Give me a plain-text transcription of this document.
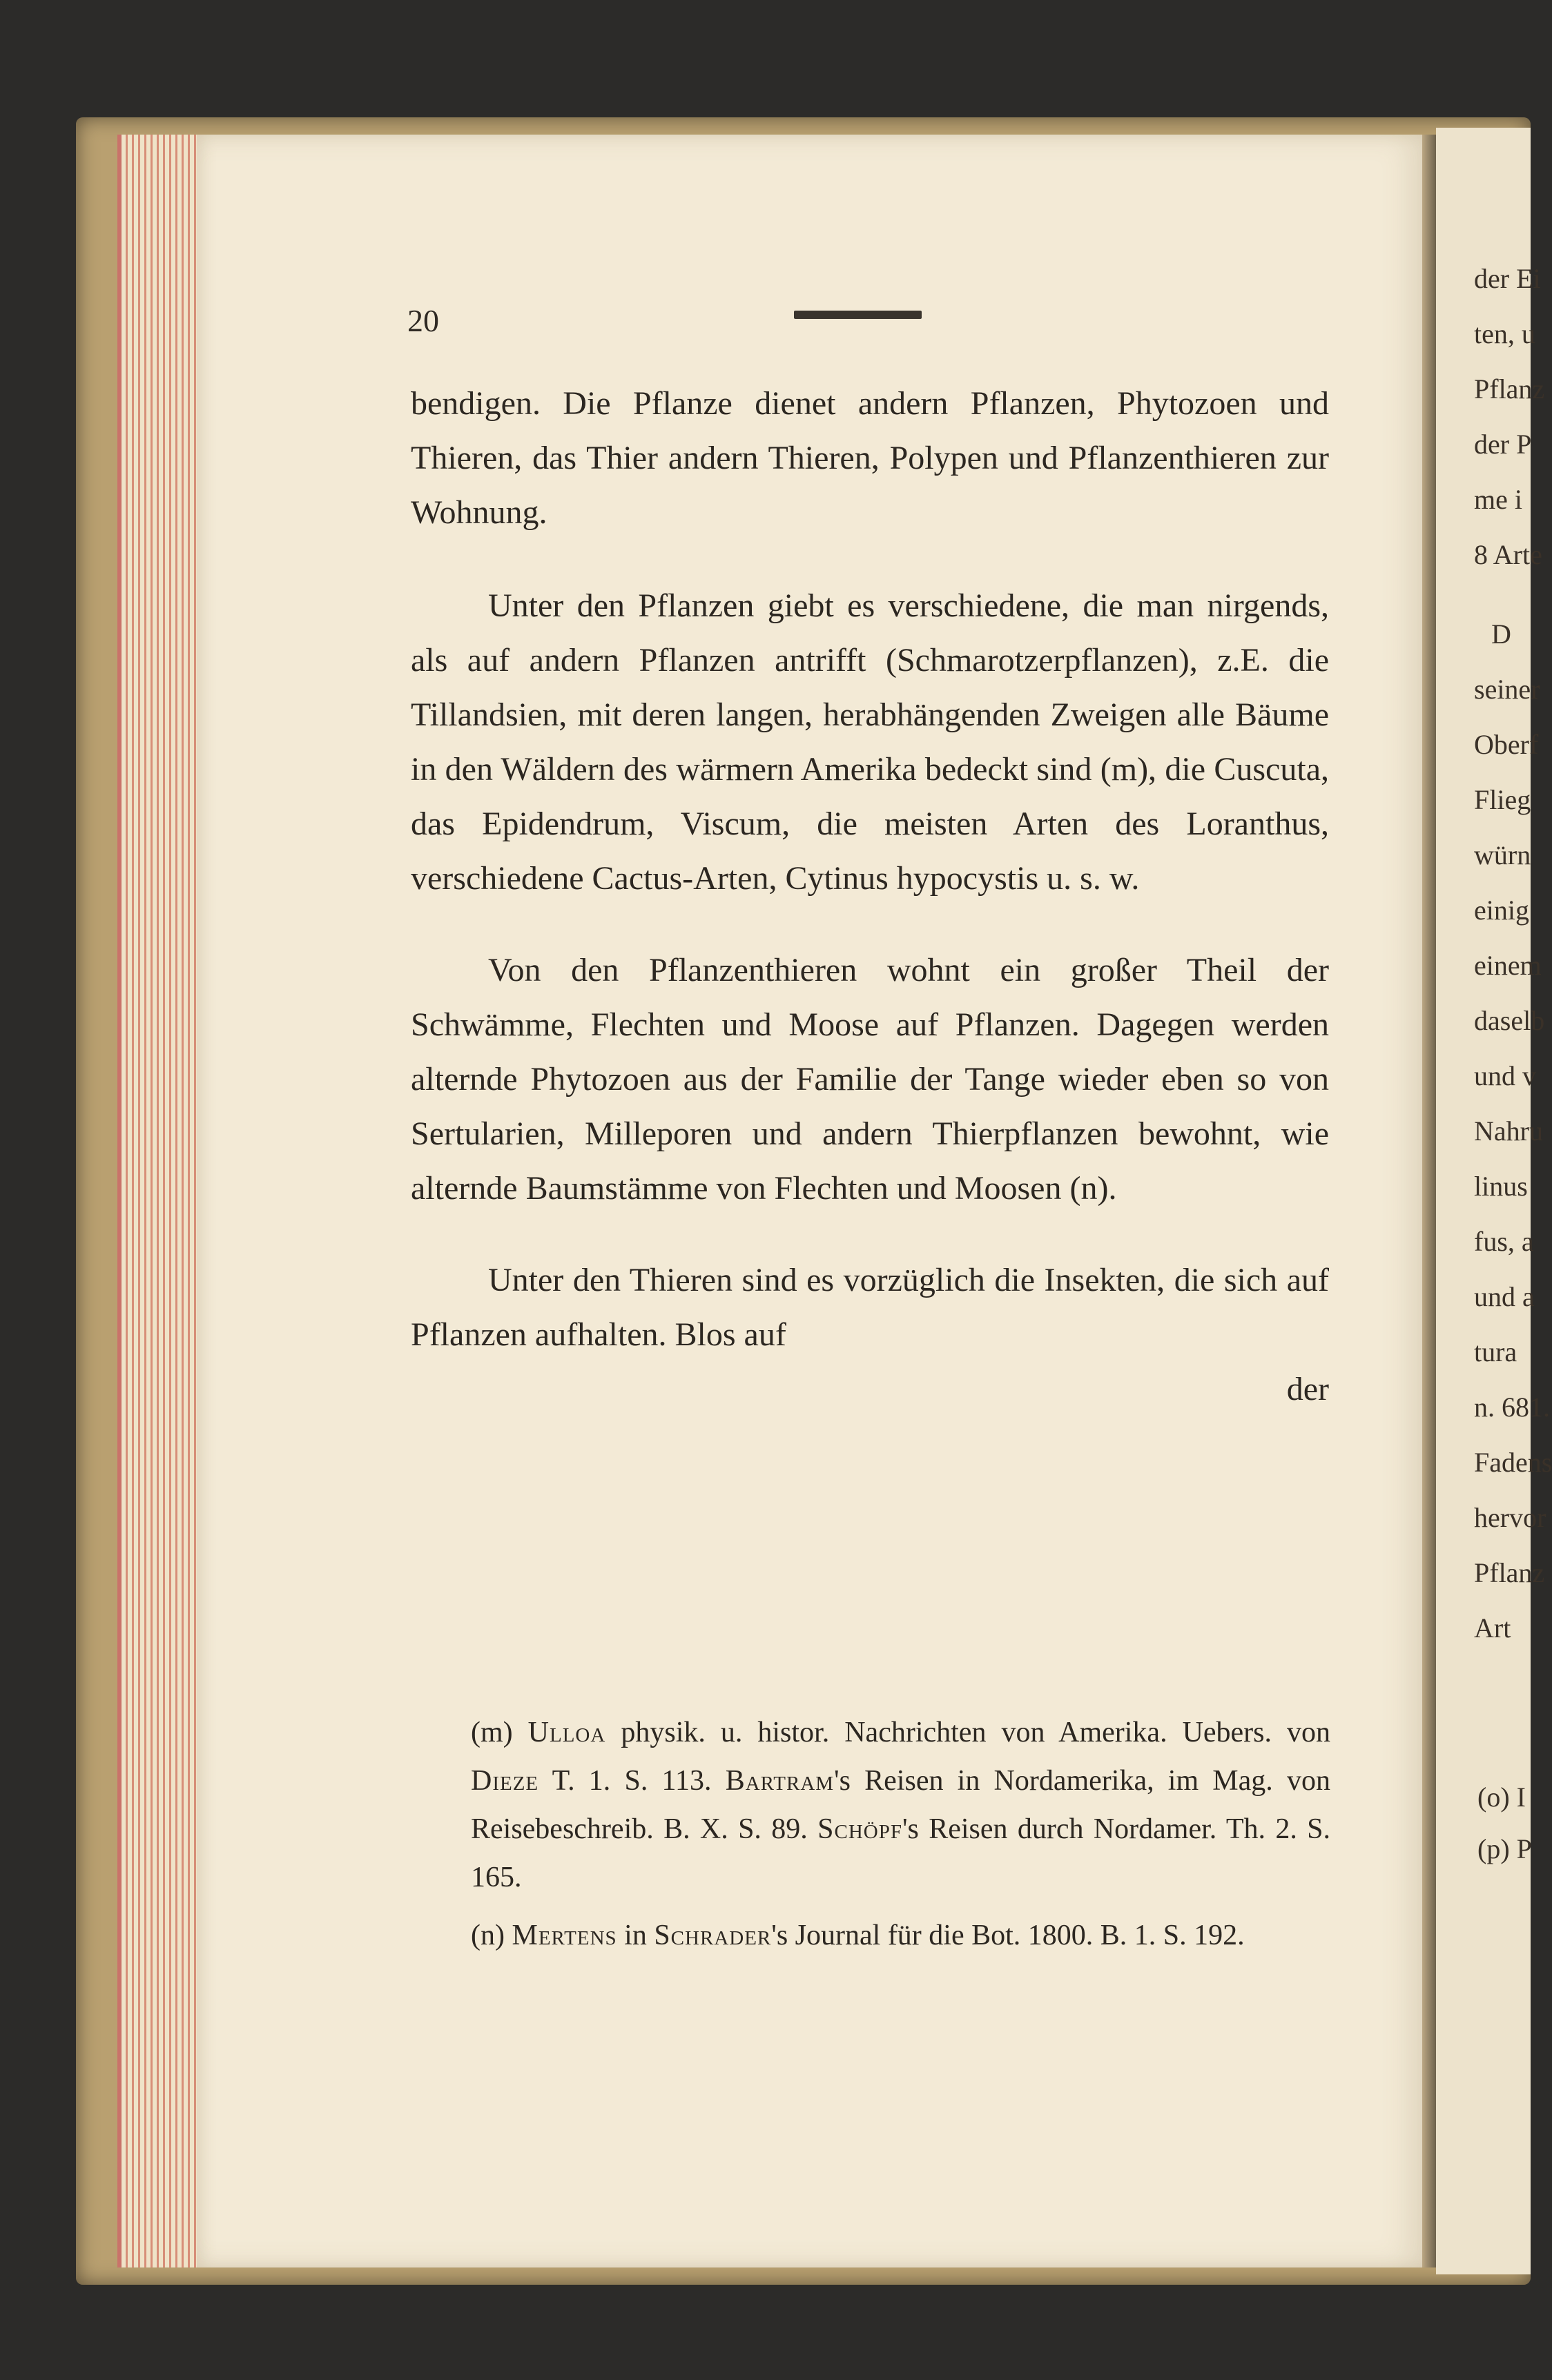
20

bendigen. Die Pflanze dienet andern Pflanzen, Phytozoen und Thieren, das Thier andern Thieren, Polypen und Pflanzenthieren zur Wohnung.

Unter den Pflanzen giebt es verschiedene, die man nirgends, als auf andern Pflanzen antrifft (Schmarotzerpflanzen), z.E. die Tillandsien, mit deren langen, herabhängenden Zweigen alle Bäume in den Wäldern des wärmern Amerika bedeckt sind (m), die Cuscuta, das Epidendrum, Viscum, die meisten Arten des Loranthus, verschiedene Cactus-Arten, Cytinus hypocystis u. s. w.

Von den Pflanzenthieren wohnt ein großer Theil der Schwämme, Flechten und Moose auf Pflanzen. Dagegen werden alternde Phytozoen aus der Familie der Tange wieder eben so von Sertularien, Milleporen und andern Thierpflanzen bewohnt, wie alternde Baumstämme von Flechten und Moosen (n).

Unter den Thieren sind es vorzüglich die Insekten, die sich auf Pflanzen aufhalten. Blos auf

der

(m) Ulloa physik. u. histor. Nachrichten von Amerika. Uebers. von Dieze T. 1. S. 113. Bartram's Reisen in Nordamerika, im Mag. von Reisebeschreib. B. X. S. 89. Schöpf's Reisen durch Nordamer. Th. 2. S. 165.

(n) Mertens in Schrader's Journal für die Bot. 1800. B. 1. S. 192.

der Ei
ten, u
Pflanz
der P
me i
8 Arte
D
seiner
Oberf
Flieg
würn
einig
einem
daselb
und v
Nahru
linus
fus, a
und a
tura
n. 681.
Fadens
hervor
Pflanz
Art
(o) I
(p) P
